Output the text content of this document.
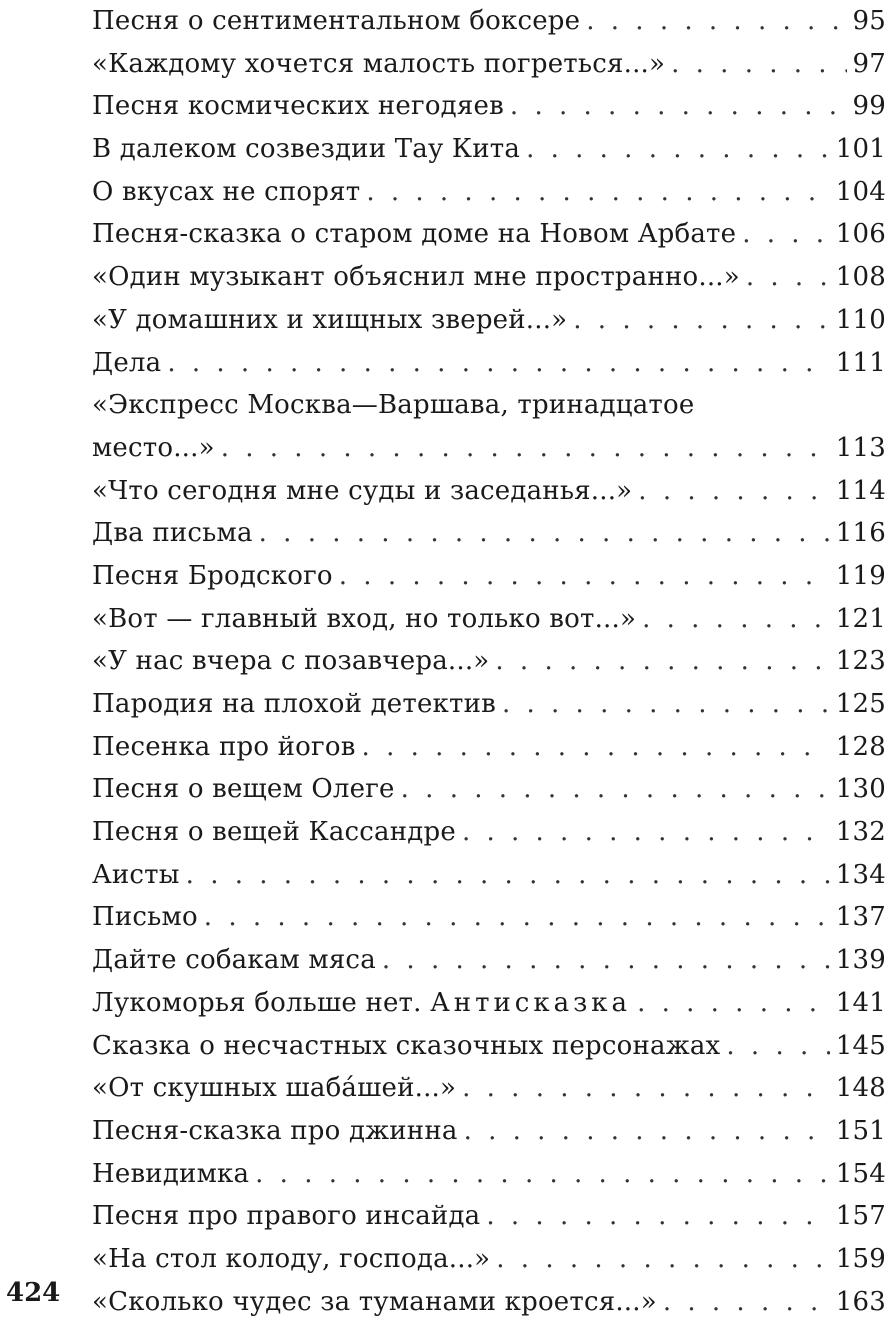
Песня о сентиментальном боксере . . .	95
«Каждому хочется малость погреться...» . . .	97
Песня космических негодяев . . .	99
В далеком созвездии Тау Кита . . .	101
О вкусах не спорят . . .	104
Песня-сказка о старом доме на Новом Арбате . . .	106
«Один музыкант объяснил мне пространно...» . . .	108
«У домашних и хищных зверей...» . . .	110
Дела . . .	111
«Экспресс Москва—Варшава, тринадцатое
место...» . . .	113
«Что сегодня мне суды и заседанья...» . . .	114
Два письма . . .	116
Песня Бродского . . .	119
«Вот — главный вход, но только вот...» . . .	121
«У нас вчера с позавчера...» . . .	123
Пародия на плохой детектив . . .	125
Песенка про йогов . . .	128
Песня о вещем Олеге . . .	130
Песня о вещей Кассандре . . .	132
Аисты . . .	134
Письмо . . .	137
Дайте собакам мяса . . .	139
Лукоморья больше нет. Антисказка . . .	141
Сказка о несчастных сказочных персонажах . . .	145
«От скушных шаба́шей...» . . .	148
Песня-сказка про джинна . . .	151
Невидимка . . .	154
Песня про правого инсайда . . .	157
«На стол колоду, господа...» . . .	159
«Сколько чудес за туманами кроется...» . . .	163
424
